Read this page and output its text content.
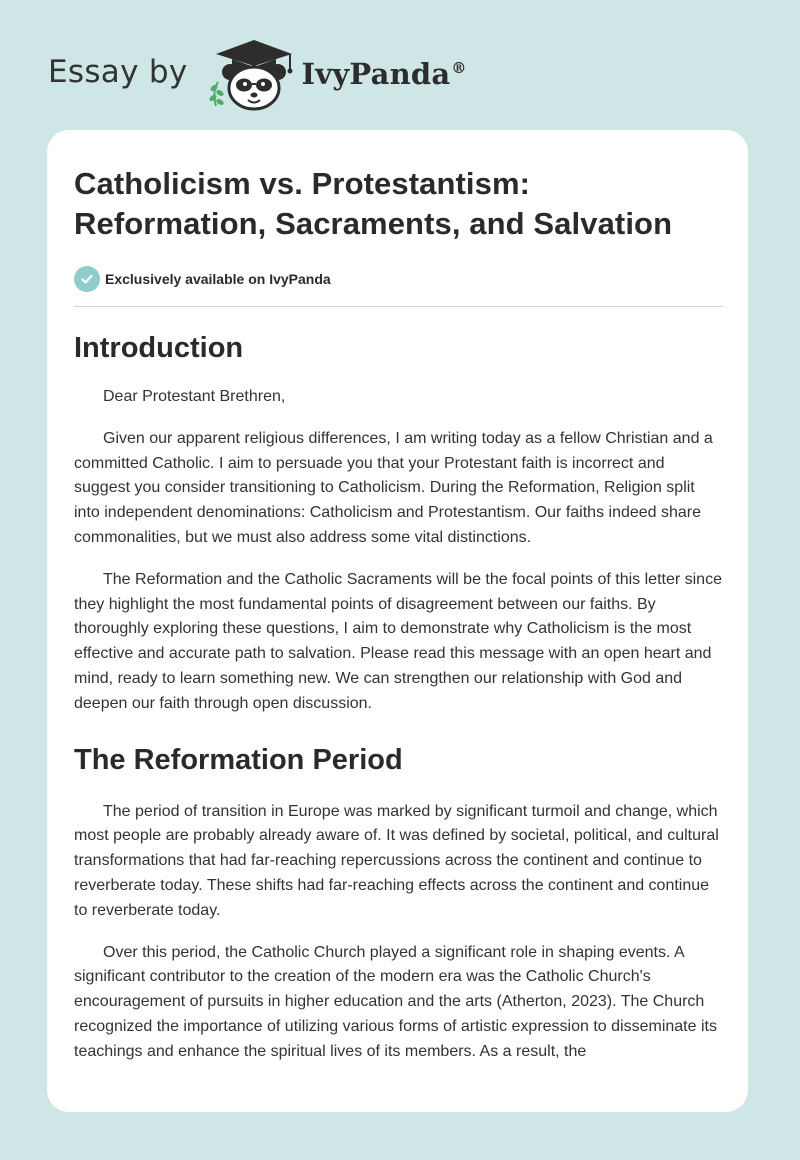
Essay by	IvyPanda®
Catholicism vs. Protestantism:
Reformation, Sacraments, and Salvation
Exclusively available on IvyPanda
Introduction

Dear Protestant Brethren,

Given our apparent religious differences, I am writing today as a fellow Christian and a committed Catholic. I aim to persuade you that your Protestant faith is incorrect and suggest you consider transitioning to Catholicism. During the Reformation, Religion split into independent denominations: Catholicism and Protestantism. Our faiths indeed share commonalities, but we must also address some vital distinctions.

The Reformation and the Catholic Sacraments will be the focal points of this letter since they highlight the most fundamental points of disagreement between our faiths. By thoroughly exploring these questions, I aim to demonstrate why Catholicism is the most effective and accurate path to salvation. Please read this message with an open heart and mind, ready to learn something new. We can strengthen our relationship with God and deepen our faith through open discussion.

The Reformation Period

The period of transition in Europe was marked by significant turmoil and change, which most people are probably already aware of. It was defined by societal, political, and cultural transformations that had far-reaching repercussions across the continent and continue to reverberate today. These shifts had far-reaching effects across the continent and continue to reverberate today.

Over this period, the Catholic Church played a significant role in shaping events. A significant contributor to the creation of the modern era was the Catholic Church's encouragement of pursuits in higher education and the arts (Atherton, 2023). The Church recognized the importance of utilizing various forms of artistic expression to disseminate its teachings and enhance the spiritual lives of its members. As a result, the
